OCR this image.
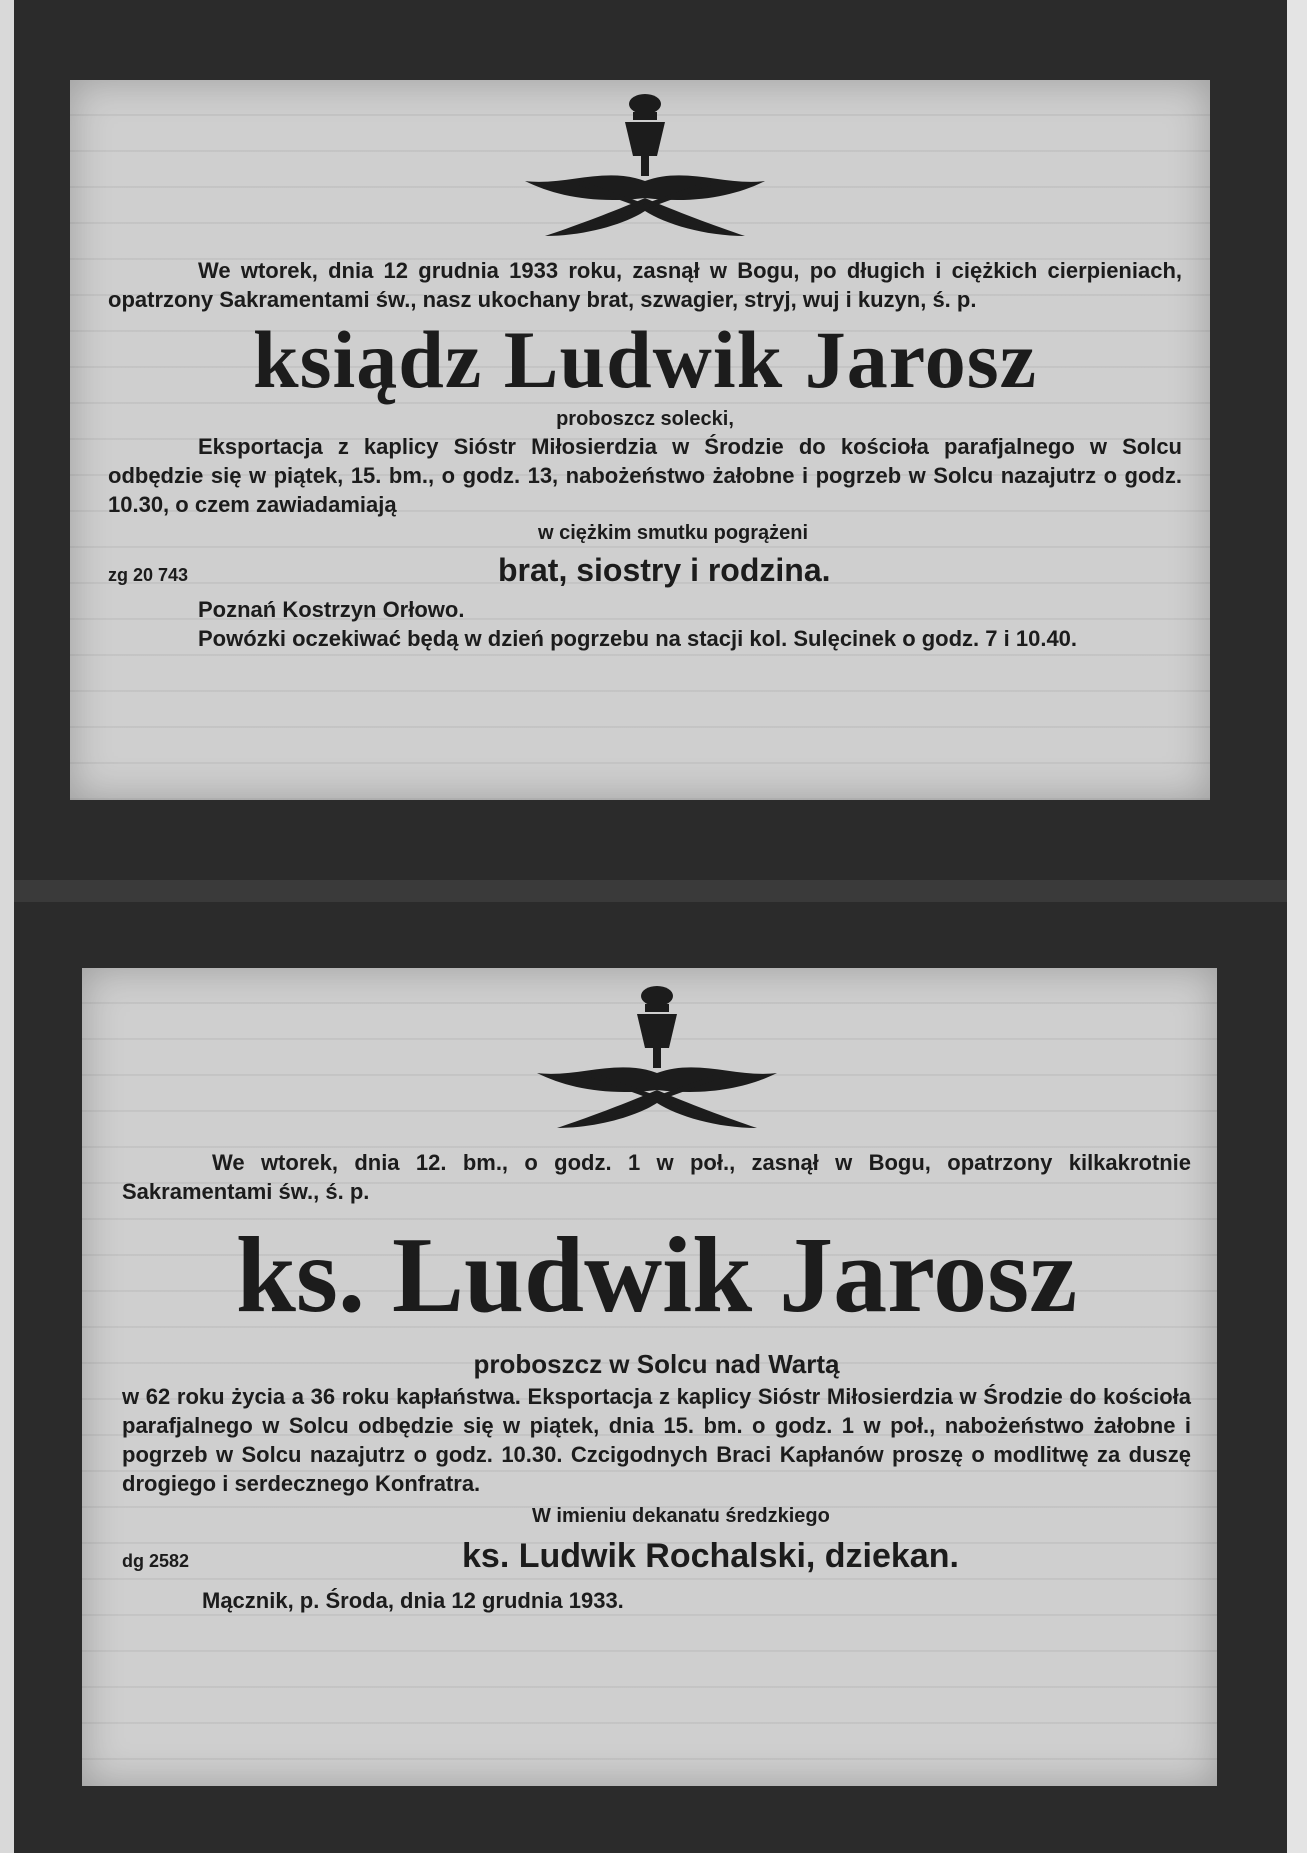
We wtorek, dnia 12 grudnia 1933 roku, zasnął w Bogu, po długich i ciężkich cierpieniach, opatrzony Sakramentami św., nasz ukochany brat, szwagier, stryj, wuj i kuzyn, ś. p.

ksiądz Ludwik Jarosz

proboszcz solecki,

Eksportacja z kaplicy Sióstr Miłosierdzia w Środzie do kościoła parafjalnego w Solcu odbędzie się w piątek, 15. bm., o godz. 13, nabożeństwo żałobne i pogrzeb w Solcu nazajutrz o godz. 10.30, o czem zawiadamiają

w ciężkim smutku pogrążeni

zg 20 743	brat, siostry i rodzina.

Poznań Kostrzyn Orłowo.

Powózki oczekiwać będą w dzień pogrzebu na stacji kol. Sulęcinek o godz. 7 i 10.40.

We wtorek, dnia 12. bm., o godz. 1 w poł., zasnął w Bogu, opatrzony kilkakrotnie Sakramentami św., ś. p.

ks. Ludwik Jarosz

proboszcz w Solcu nad Wartą

w 62 roku życia a 36 roku kapłaństwa. Eksportacja z kaplicy Sióstr Miłosierdzia w Środzie do kościoła parafjalnego w Solcu odbędzie się w piątek, dnia 15. bm. o godz. 1 w poł., nabożeństwo żałobne i pogrzeb w Solcu nazajutrz o godz. 10.30. Czcigodnych Braci Kapłanów proszę o modlitwę za duszę drogiego i serdecznego Konfratra.

W imieniu dekanatu średzkiego

dg 2582	ks. Ludwik Rochalski, dziekan.

Mącznik, p. Środa, dnia 12 grudnia 1933.
